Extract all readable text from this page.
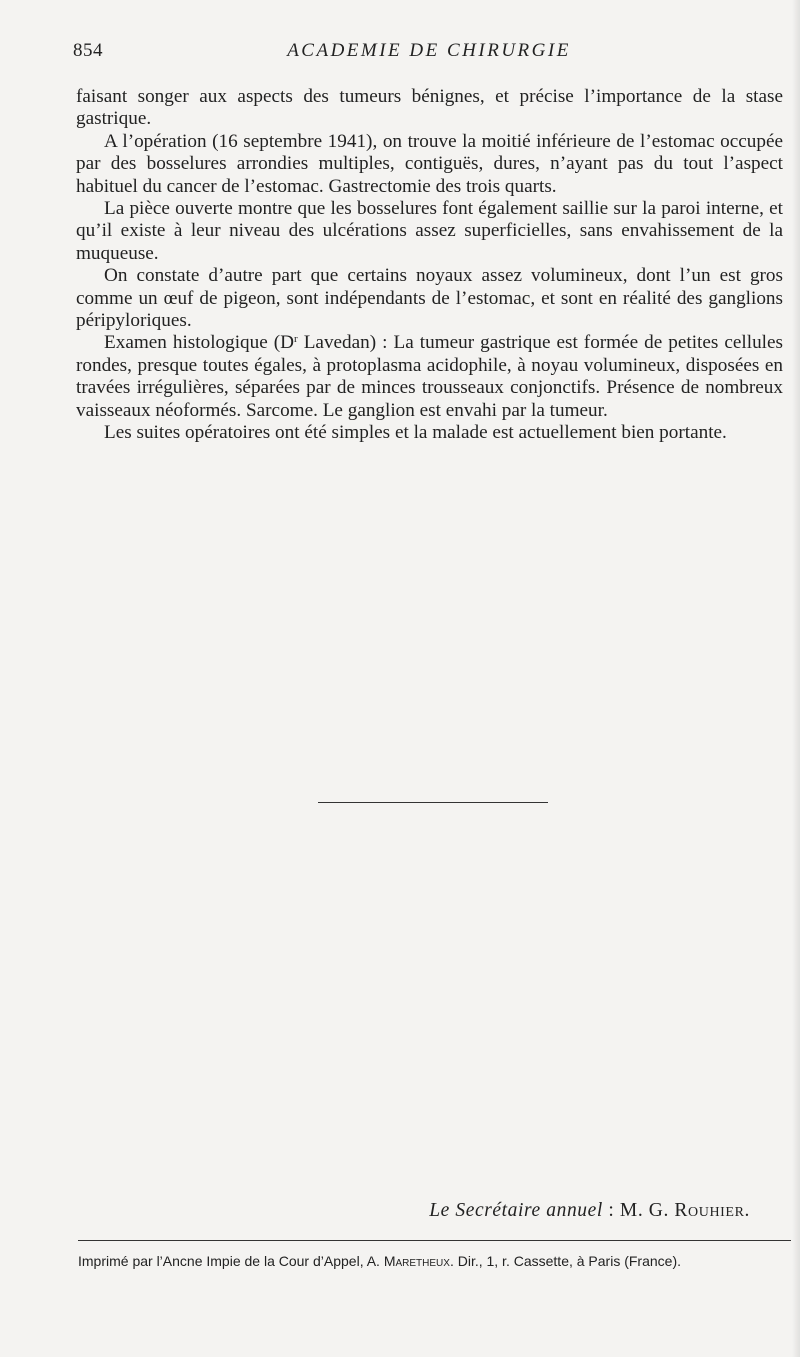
854	ACADEMIE DE CHIRURGIE

faisant songer aux aspects des tumeurs bénignes, et précise l’importance de la stase gastrique.

A l’opération (16 septembre 1941), on trouve la moitié inférieure de l’estomac occupée par des bosselures arrondies multiples, contiguës, dures, n’ayant pas du tout l’aspect habituel du cancer de l’estomac. Gastrectomie des trois quarts.

La pièce ouverte montre que les bosselures font également saillie sur la paroi interne, et qu’il existe à leur niveau des ulcérations assez superficielles, sans envahissement de la muqueuse.

On constate d’autre part que certains noyaux assez volumineux, dont l’un est gros comme un œuf de pigeon, sont indépendants de l’estomac, et sont en réalité des ganglions péripyloriques.

Examen histologique ($D^r$ Lavedan) : La tumeur gastrique est formée de petites cellules rondes, presque toutes égales, à protoplasma acidophile, à noyau volumineux, disposées en travées irrégulières, séparées par de minces trousseaux conjonctifs. Présence de nombreux vaisseaux néoformés. Sarcome. Le ganglion est envahi par la tumeur.

Les suites opératoires ont été simples et la malade est actuellement bien portante.

Le Secrétaire annuel : M. G. Rouhier.
Imprimé par l’Ancne Impie de la Cour d’Appel, A. Maretheux. Dir., 1, r. Cassette, à Paris (France).
